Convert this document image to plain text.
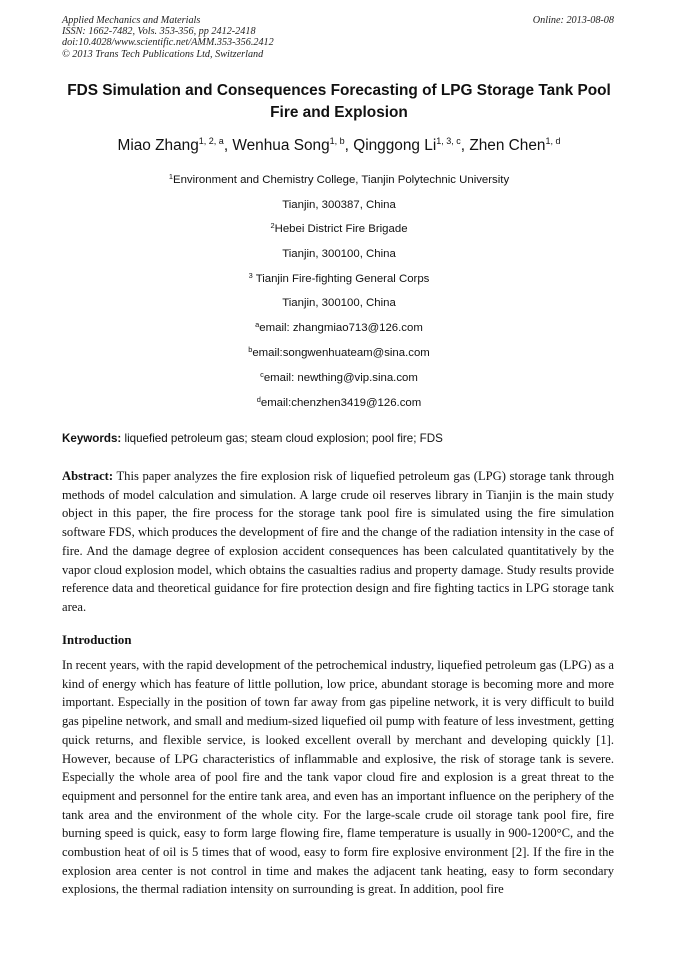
Applied Mechanics and Materials
ISSN: 1662-7482, Vols. 353-356, pp 2412-2418
doi:10.4028/www.scientific.net/AMM.353-356.2412
© 2013 Trans Tech Publications Ltd, Switzerland
Online: 2013-08-08
FDS Simulation and Consequences Forecasting of LPG Storage Tank Pool Fire and Explosion
Miao Zhang$^{1, 2, a}$, Wenhua Song$^{1, b}$, Qinggong Li$^{1, 3, c}$, Zhen Chen$^{1, d}$
$^1$Environment and Chemistry College, Tianjin Polytechnic University
Tianjin, 300387, China
$^2$Hebei District Fire Brigade
Tianjin, 300100, China
$^3$ Tianjin Fire-fighting General Corps
Tianjin, 300100, China
$^a$email: zhangmiao713@126.com
$^b$email:songwenhuateam@sina.com
$^c$email: newthing@vip.sina.com
$^d$email:chenzhen3419@126.com
Keywords: liquefied petroleum gas; steam cloud explosion; pool fire; FDS
Abstract: This paper analyzes the fire explosion risk of liquefied petroleum gas (LPG) storage tank through methods of model calculation and simulation. A large crude oil reserves library in Tianjin is the main study object in this paper, the fire process for the storage tank pool fire is simulated using the fire simulation software FDS, which produces the development of fire and the change of the radiation intensity in the case of fire. And the damage degree of explosion accident consequences has been calculated quantitatively by the vapor cloud explosion model, which obtains the casualties radius and property damage. Study results provide reference data and theoretical guidance for fire protection design and fire fighting tactics in LPG storage tank area.
Introduction
In recent years, with the rapid development of the petrochemical industry, liquefied petroleum gas (LPG) as a kind of energy which has feature of little pollution, low price, abundant storage is becoming more and more important. Especially in the position of town far away from gas pipeline network, it is very difficult to build gas pipeline network, and small and medium-sized liquefied oil pump with feature of less investment, getting quick returns, and flexible service, is looked excellent overall by merchant and developing quickly [1]. However, because of LPG characteristics of inflammable and explosive, the risk of storage tank is severe. Especially the whole area of pool fire and the tank vapor cloud fire and explosion is a great threat to the equipment and personnel for the entire tank area, and even has an important influence on the periphery of the tank area and the environment of the whole city. For the large-scale crude oil storage tank pool fire, fire burning speed is quick, easy to form large flowing fire, flame temperature is usually in 900-1200°C, and the combustion heat of oil is 5 times that of wood, easy to form fire explosive environment [2]. If the fire in the explosion area center is not control in time and makes the adjacent tank heating, easy to form secondary explosions, the thermal radiation intensity on surrounding is great. In addition, pool fire
